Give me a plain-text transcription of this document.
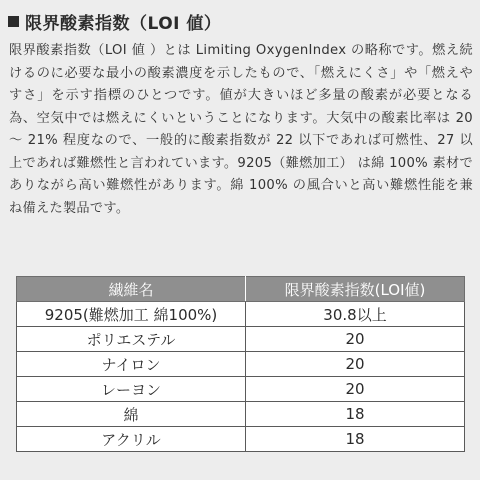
限界酸素指数（LOI 値）

限界酸素指数（LOI 値 ）とは Limiting OxygenIndex の略称です。燃え続けるのに必要な最小の酸素濃度を示したもので、「燃えにくさ」や「燃えやすさ」を示す指標のひとつです。値が大きいほど多量の酸素が必要となる為、空気中では燃えにくいということになります。大気中の酸素比率は 20 ～ 21% 程度なので、一般的に酸素指数が 22 以下であれば可燃性、27 以上であれば難燃性と言われています。9205（難燃加工） は綿 100% 素材でありながら高い難燃性があります。綿 100% の風合いと高い難燃性能を兼ね備えた製品です。

繊維名	限界酸素指数(LOI値)
9205(難燃加工 綿100%)	30.8以上
ポリエステル	20
ナイロン	20
レーヨン	20
綿	18
アクリル	18
